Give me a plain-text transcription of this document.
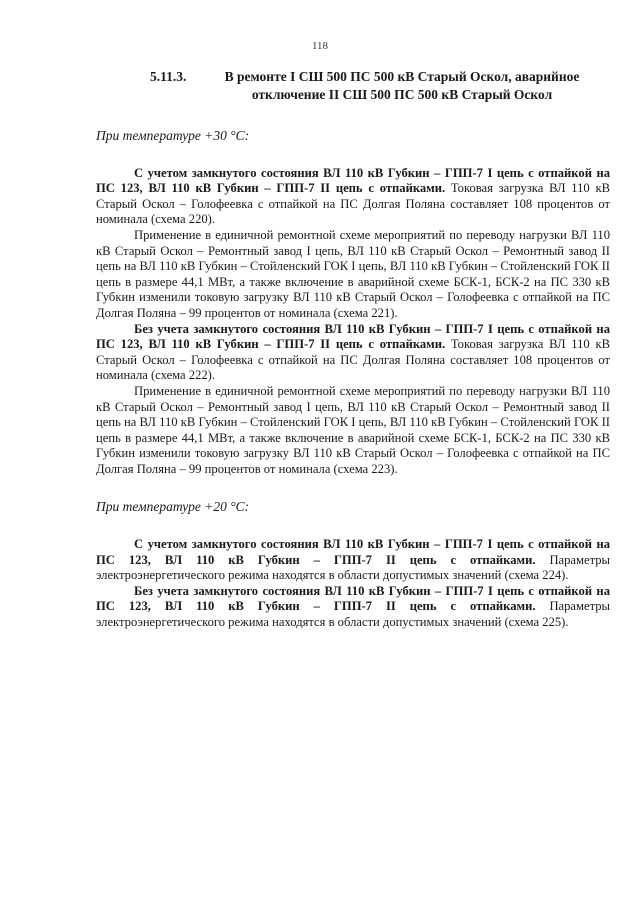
118
5.11.3.	В ремонте I СШ 500 ПС 500 кВ Старый Оскол, аварийное отключение II СШ 500 ПС 500 кВ Старый Оскол
При температуре +30 °С:

С учетом замкнутого состояния ВЛ 110 кВ Губкин – ГПП-7 I цепь с отпайкой на ПС 123, ВЛ 110 кВ Губкин – ГПП-7 II цепь с отпайками. Токовая загрузка ВЛ 110 кВ Старый Оскол – Голофеевка с отпайкой на ПС Долгая Поляна составляет 108 процентов от номинала (схема 220).

Применение в единичной ремонтной схеме мероприятий по переводу нагрузки ВЛ 110 кВ Старый Оскол – Ремонтный завод I цепь, ВЛ 110 кВ Старый Оскол – Ремонтный завод II цепь на ВЛ 110 кВ Губкин – Стойленский ГОК I цепь, ВЛ 110 кВ Губкин – Стойленский ГОК II цепь в размере 44,1 МВт, а также включение в аварийной схеме БСК-1, БСК-2 на ПС 330 кВ Губкин изменили токовую загрузку ВЛ 110 кВ Старый Оскол – Голофеевка с отпайкой на ПС Долгая Поляна – 99 процентов от номинала (схема 221).

Без учета замкнутого состояния ВЛ 110 кВ Губкин – ГПП-7 I цепь с отпайкой на ПС 123, ВЛ 110 кВ Губкин – ГПП-7 II цепь с отпайками. Токовая загрузка ВЛ 110 кВ Старый Оскол – Голофеевка с отпайкой на ПС Долгая Поляна составляет 108 процентов от номинала (схема 222).

Применение в единичной ремонтной схеме мероприятий по переводу нагрузки ВЛ 110 кВ Старый Оскол – Ремонтный завод I цепь, ВЛ 110 кВ Старый Оскол – Ремонтный завод II цепь на ВЛ 110 кВ Губкин – Стойленский ГОК I цепь, ВЛ 110 кВ Губкин – Стойленский ГОК II цепь в размере 44,1 МВт, а также включение в аварийной схеме БСК-1, БСК-2 на ПС 330 кВ Губкин изменили токовую загрузку ВЛ 110 кВ Старый Оскол – Голофеевка с отпайкой на ПС Долгая Поляна – 99 процентов от номинала (схема 223).

При температуре +20 °С:

С учетом замкнутого состояния ВЛ 110 кВ Губкин – ГПП-7 I цепь с отпайкой на ПС 123, ВЛ 110 кВ Губкин – ГПП-7 II цепь с отпайками. Параметры электроэнергетического режима находятся в области допустимых значений (схема 224).

Без учета замкнутого состояния ВЛ 110 кВ Губкин – ГПП-7 I цепь с отпайкой на ПС 123, ВЛ 110 кВ Губкин – ГПП-7 II цепь с отпайками. Параметры электроэнергетического режима находятся в области допустимых значений (схема 225).
